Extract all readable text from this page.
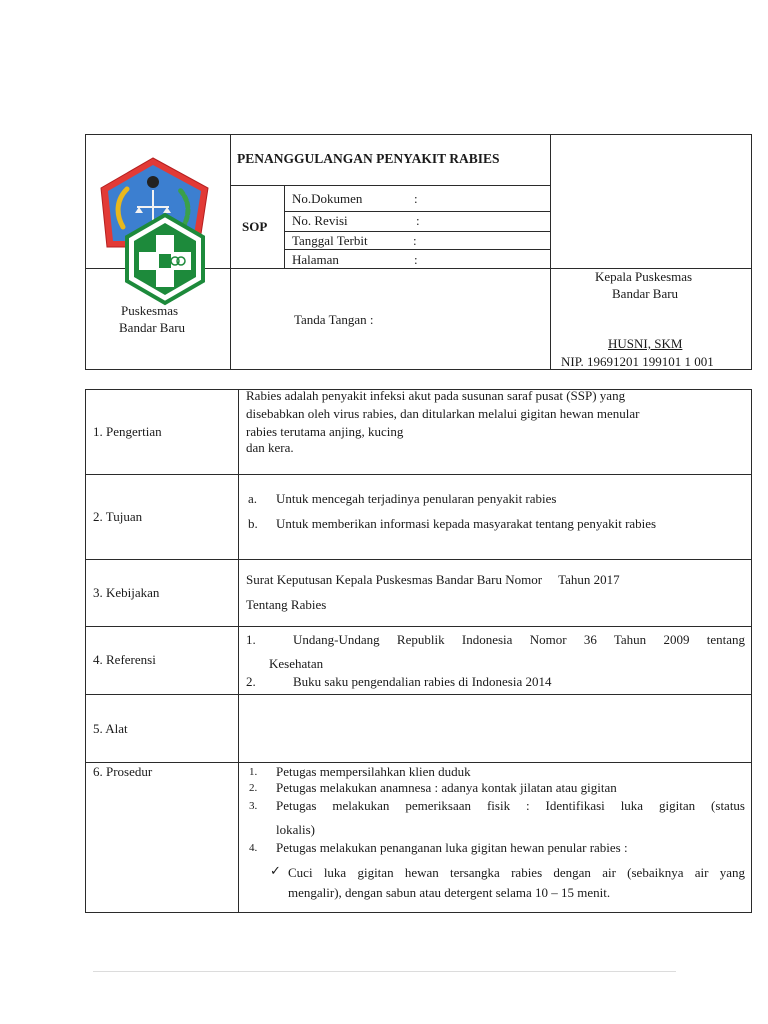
PENANGGULANGAN PENYAKIT RABIES
SOP
No.Dokumen	:
No. Revisi	:
Tanggal Terbit	:
Halaman	:
Puskesmas
Bandar Baru
Tanda Tangan :
Kepala Puskesmas
Bandar Baru
HUSNI, SKM
NIP. 19691201 199101 1 001
1. Pengertian
Rabies adalah penyakit infeksi akut pada susunan saraf pusat (SSP) yang
disebabkan oleh virus rabies, dan ditularkan melalui gigitan hewan menular
rabies terutama anjing, kucing
dan kera.
2. Tujuan
a. Untuk mencegah terjadinya penularan penyakit rabies
b. Untuk memberikan informasi kepada masyarakat tentang penyakit rabies
3. Kebijakan
Surat Keputusan Kepala Puskesmas Bandar Baru Nomor     Tahun 2017
Tentang Rabies
4. Referensi
1.	Undang-Undang Republik Indonesia Nomor 36 Tahun 2009 tentang
Kesehatan
2.	Buku saku pengendalian rabies di Indonesia 2014
5. Alat
6. Prosedur	1. Petugas mempersilahkan klien duduk
2. Petugas melakukan anamnesa : adanya kontak jilatan atau gigitan
3. Petugas melakukan pemeriksaan fisik : Identifikasi luka gigitan (status
lokalis)
4. Petugas melakukan penanganan luka gigitan hewan penular rabies :
✓ Cuci luka gigitan hewan tersangka rabies dengan air (sebaiknya air yang
mengalir), dengan sabun atau detergent selama 10 – 15 menit.
